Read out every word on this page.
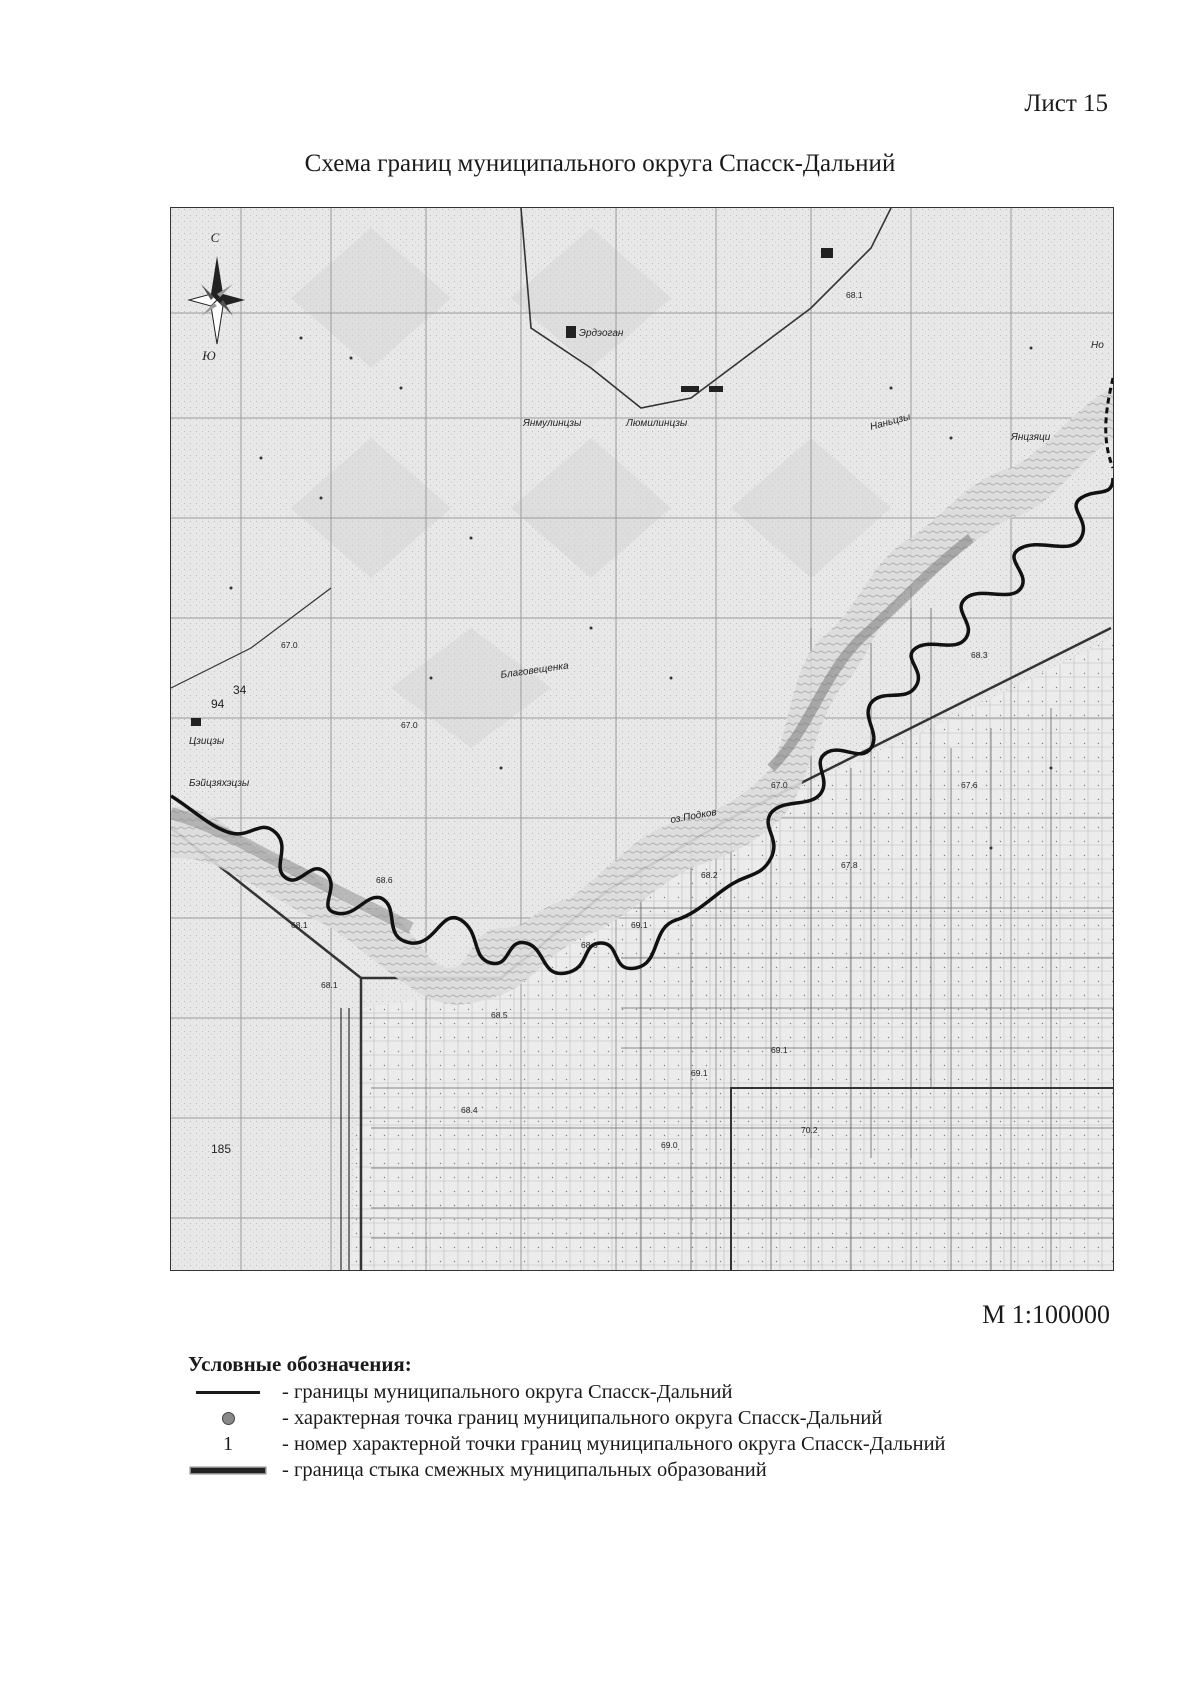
Лист 15
Схема границ муниципального округа Спасск-Дальний
С
Ю
Эрдэоган
Янмулинцзы	Люмилинцзы
Благовещенка
Цзицзы
Бэйцзяхэцзы
Янцзяци
Наньцзы
Но
оз.Подков
67.0
67.0
67.0	67.6
67.8
68.2
68.6
69.1
68.6
68.1
69.1
70.2
69.0
68.3
69.1
68.5
68.4
68.1
68.1
94
34
185
М 1:100000
Условные обозначения:
- границы муниципального округа Спасск-Дальний
- характерная точка границ муниципального округа Спасск-Дальний
1 - номер характерной точки границ муниципального округа Спасск-Дальний
- граница стыка смежных муниципальных образований
